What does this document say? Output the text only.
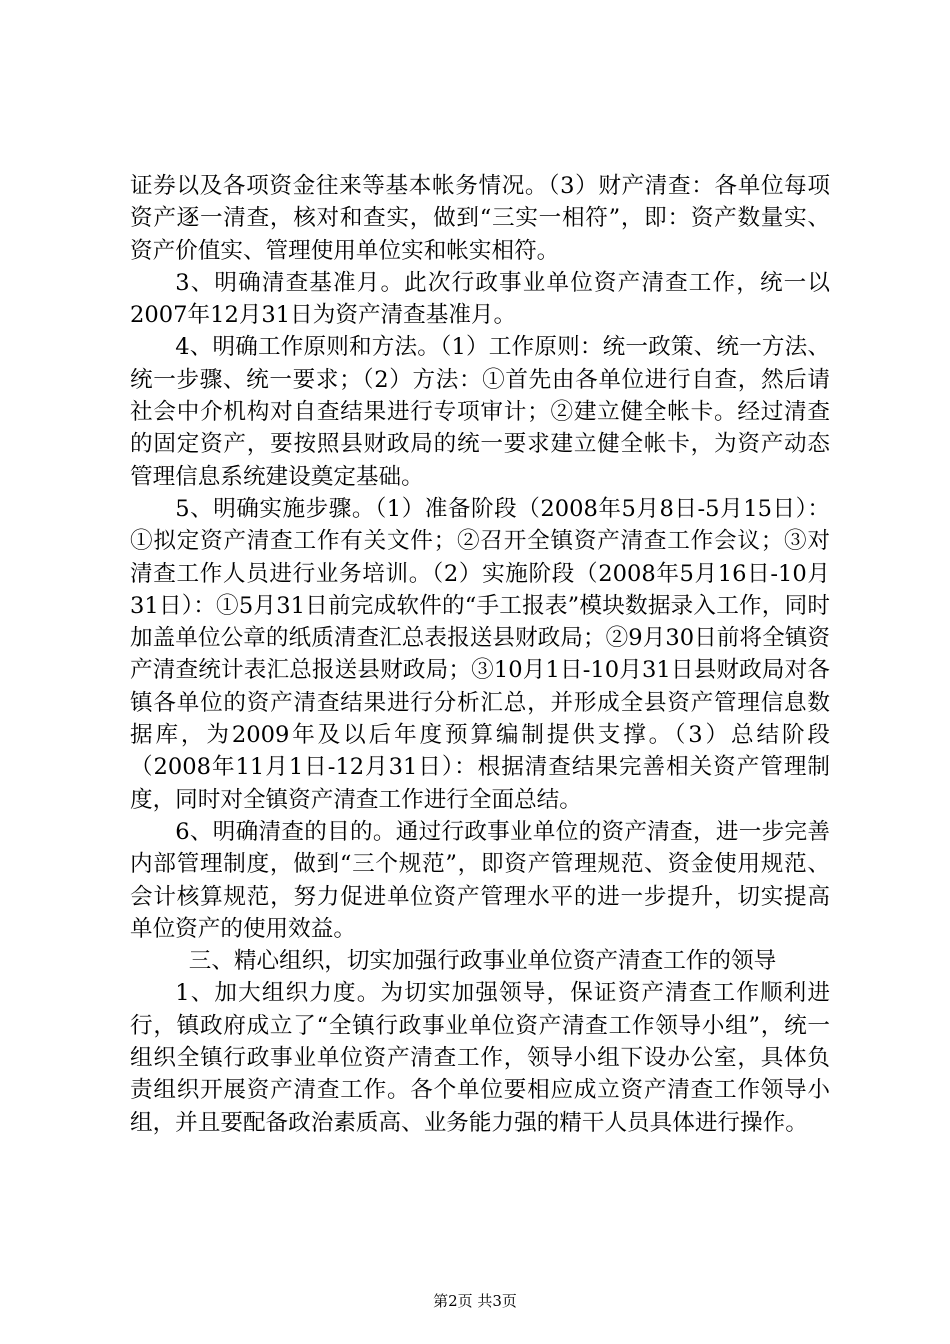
证券以及各项资金往来等基本帐务情况。（3）财产清查：各单位每项资产逐一清查，核对和查实，做到“三实一相符”，即：资产数量实、资产价值实、管理使用单位实和帐实相符。

3、明确清查基准月。此次行政事业单位资产清查工作，统一以2007年12月31日为资产清查基准月。

4、明确工作原则和方法。（1）工作原则：统一政策、统一方法、统一步骤、统一要求；（2）方法：①首先由各单位进行自查，然后请社会中介机构对自查结果进行专项审计；②建立健全帐卡。经过清查的固定资产，要按照县财政局的统一要求建立健全帐卡，为资产动态管理信息系统建设奠定基础。

5、明确实施步骤。（1）准备阶段（2008年5月8日-5月15日）：①拟定资产清查工作有关文件；②召开全镇资产清查工作会议；③对清查工作人员进行业务培训。（2）实施阶段（2008年5月16日-10月31日）：①5月31日前完成软件的“手工报表”模块数据录入工作，同时加盖单位公章的纸质清查汇总表报送县财政局；②9月30日前将全镇资产清查统计表汇总报送县财政局；③10月1日-10月31日县财政局对各镇各单位的资产清查结果进行分析汇总，并形成全县资产管理信息数据库，为2009年及以后年度预算编制提供支撑。（3）总结阶段（2008年11月1日-12月31日）：根据清查结果完善相关资产管理制度，同时对全镇资产清查工作进行全面总结。

6、明确清查的目的。通过行政事业单位的资产清查，进一步完善内部管理制度，做到“三个规范”，即资产管理规范、资金使用规范、会计核算规范，努力促进单位资产管理水平的进一步提升，切实提高单位资产的使用效益。

三、精心组织，切实加强行政事业单位资产清查工作的领导

1、加大组织力度。为切实加强领导，保证资产清查工作顺利进行，镇政府成立了“全镇行政事业单位资产清查工作领导小组”，统一组织全镇行政事业单位资产清查工作，领导小组下设办公室，具体负责组织开展资产清查工作。各个单位要相应成立资产清查工作领导小组，并且要配备政治素质高、业务能力强的精干人员具体进行操作。

第2页 共3页
